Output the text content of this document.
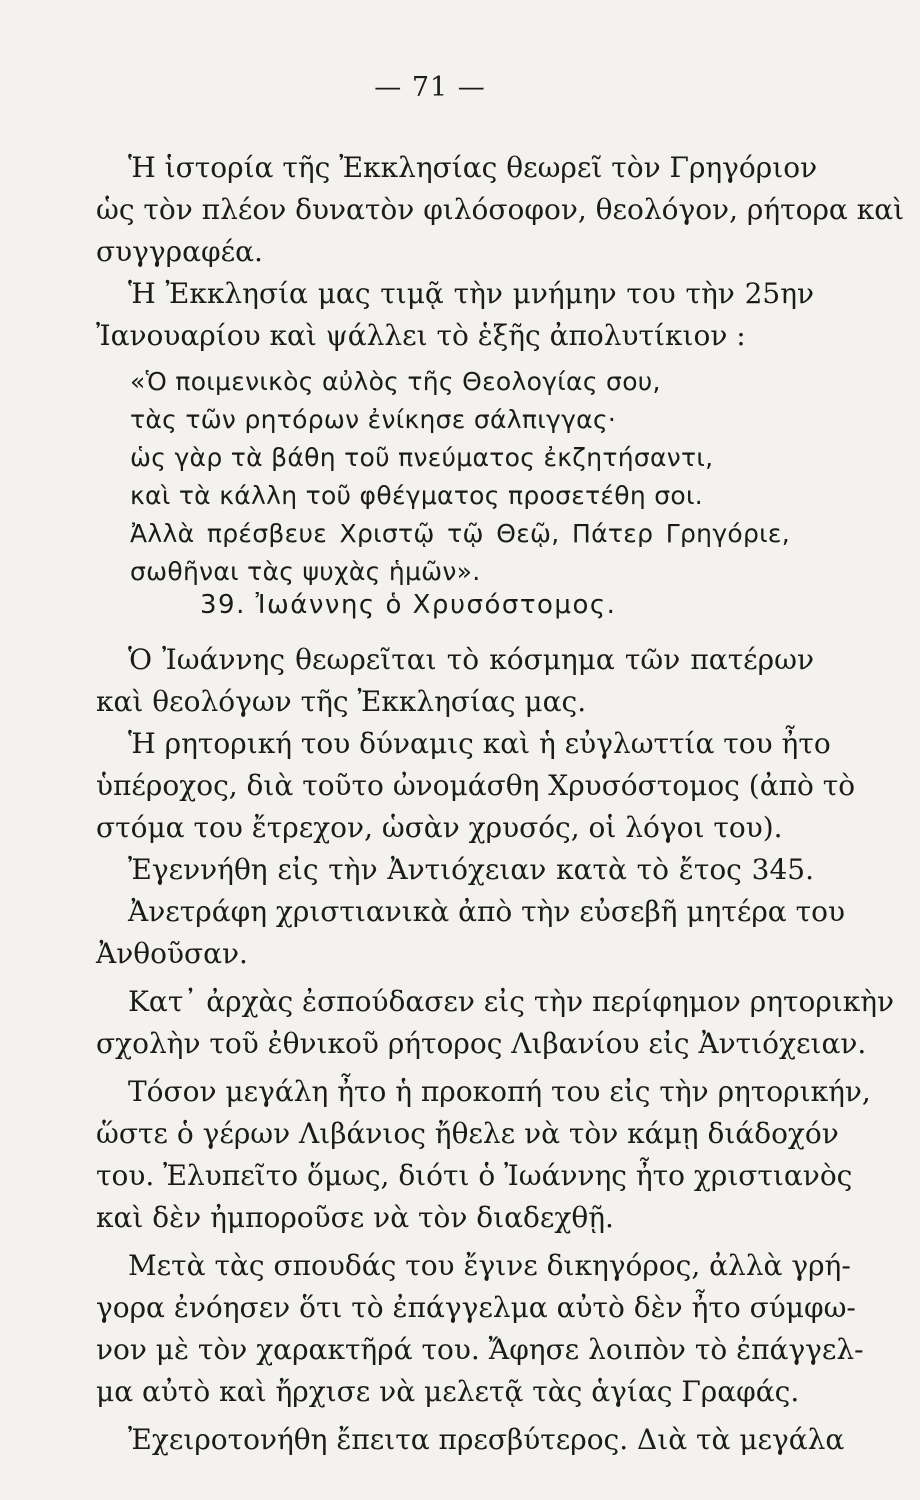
— 71 —
Ἡ ἱστορία τῆς Ἐκκλησίας θεωρεῖ τὸν Γρηγόριον
ὡς τὸν πλέον δυνατὸν φιλόσοφον, θεολόγον, ρήτορα καὶ
συγγραφέα.
Ἡ Ἐκκλησία μας τιμᾷ τὴν μνήμην του τὴν 25ην
Ἰανουαρίου καὶ ψάλλει τὸ ἑξῆς ἀπολυτίκιον :
«Ὁ ποιμενικὸς αὐλὸς τῆς Θεολογίας σου,
τὰς τῶν ρητόρων ἐνίκησε σάλπιγγας·
ὡς γὰρ τὰ βάθη τοῦ πνεύματος ἐκζητήσαντι,
καὶ τὰ κάλλη τοῦ φθέγματος προσετέθη σοι.
Ἀλλὰ πρέσβευε Χριστῷ τῷ Θεῷ, Πάτερ Γρηγόριε,
σωθῆναι τὰς ψυχὰς ἡμῶν».
39. Ἰωάννης ὁ Χρυσόστομος.
Ὁ Ἰωάννης θεωρεῖται τὸ κόσμημα τῶν πατέρων
καὶ θεολόγων τῆς Ἐκκλησίας μας.
Ἡ ρητορική του δύναμις καὶ ἡ εὐγλωττία του ἦτο
ὑπέροχος, διὰ τοῦτο ὠνομάσθη Χρυσόστομος (ἀπὸ τὸ
στόμα του ἔτρεχον, ὡσὰν χρυσός, οἱ λόγοι του).
Ἐγεννήθη εἰς τὴν Ἀντιόχειαν κατὰ τὸ ἔτος 345.
Ἀνετράφη χριστιανικὰ ἀπὸ τὴν εὐσεβῆ μητέρα του
Ἀνθοῦσαν.
Κατ᾽ ἀρχὰς ἐσπούδασεν εἰς τὴν περίφημον ρητορικὴν
σχολὴν τοῦ ἐθνικοῦ ρήτορος Λιβανίου εἰς Ἀντιόχειαν.
Τόσον μεγάλη ἦτο ἡ προκοπή του εἰς τὴν ρητορικήν,
ὥστε ὁ γέρων Λιβάνιος ἤθελε νὰ τὸν κάμῃ διάδοχόν
του. Ἐλυπεῖτο ὅμως, διότι ὁ Ἰωάννης ἦτο χριστιανὸς
καὶ δὲν ἠμποροῦσε νὰ τὸν διαδεχθῇ.
Μετὰ τὰς σπουδάς του ἔγινε δικηγόρος, ἀλλὰ γρή-
γορα ἐνόησεν ὅτι τὸ ἐπάγγελμα αὐτὸ δὲν ἦτο σύμφω-
νον μὲ τὸν χαρακτῆρά του. Ἄφησε λοιπὸν τὸ ἐπάγγελ-
μα αὐτὸ καὶ ἤρχισε νὰ μελετᾷ τὰς ἁγίας Γραφάς.
Ἐχειροτονήθη ἔπειτα πρεσβύτερος. Διὰ τὰ μεγάλα
